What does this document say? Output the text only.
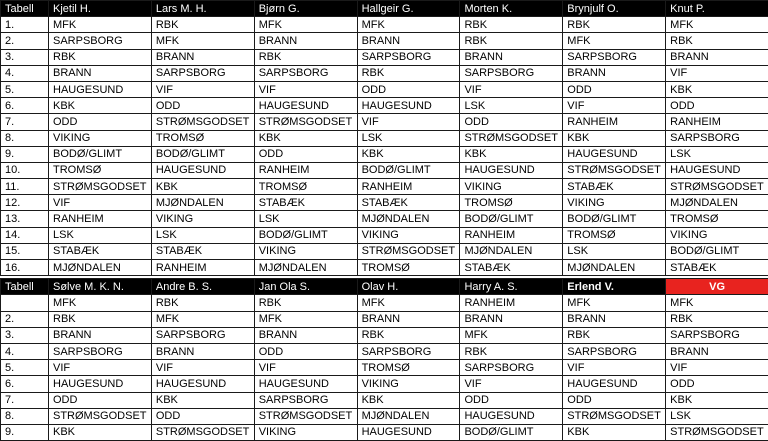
Tabell	Kjetil H.	Lars M. H.	Bjørn G.	Hallgeir G.	Morten K.	Brynjulf O.	Knut P.
1.	MFK	RBK	MFK	MFK	RBK	RBK	MFK
2.	SARPSBORG	MFK	BRANN	BRANN	RBK	MFK	RBK
3.	RBK	BRANN	RBK	SARPSBORG	BRANN	SARPSBORG	BRANN
4.	BRANN	SARPSBORG	SARPSBORG	RBK	SARPSBORG	BRANN	VIF
5.	HAUGESUND	VIF	VIF	ODD	VIF	ODD	KBK
6.	KBK	ODD	HAUGESUND	HAUGESUND	LSK	VIF	ODD
7.	ODD	STRØMSGODSET	STRØMSGODSET	VIF	ODD	RANHEIM	RANHEIM
8.	VIKING	TROMSØ	KBK	LSK	STRØMSGODSET	KBK	SARPSBORG
9.	BODØ/GLIMT	BODØ/GLIMT	ODD	KBK	KBK	HAUGESUND	LSK
10.	TROMSØ	HAUGESUND	RANHEIM	BODØ/GLIMT	HAUGESUND	STRØMSGODSET	HAUGESUND
11.	STRØMSGODSET	KBK	TROMSØ	RANHEIM	VIKING	STABÆK	STRØMSGODSET
12.	VIF	MJØNDALEN	STABÆK	STABÆK	TROMSØ	VIKING	MJØNDALEN
13.	RANHEIM	VIKING	LSK	MJØNDALEN	BODØ/GLIMT	BODØ/GLIMT	TROMSØ
14.	LSK	LSK	BODØ/GLIMT	VIKING	RANHEIM	TROMSØ	VIKING
15.	STABÆK	STABÆK	VIKING	STRØMSGODSET	MJØNDALEN	LSK	BODØ/GLIMT
16.	MJØNDALEN	RANHEIM	MJØNDALEN	TROMSØ	STABÆK	MJØNDALEN	STABÆK
Tabell	Sølve M. K. N.	Andre B. S.	Jan Ola S.	Olav H.	Harry A. S.	Erlend V.	VG
	MFK	RBK	RBK	MFK	RANHEIM	MFK	MFK
2.	RBK	MFK	MFK	BRANN	BRANN	BRANN	RBK
3.	BRANN	SARPSBORG	BRANN	RBK	MFK	RBK	SARPSBORG
4.	SARPSBORG	BRANN	ODD	SARPSBORG	RBK	SARPSBORG	BRANN
5.	VIF	VIF	VIF	TROMSØ	SARPSBORG	VIF	VIF
6.	HAUGESUND	HAUGESUND	HAUGESUND	VIKING	VIF	HAUGESUND	ODD
7.	ODD	KBK	SARPSBORG	KBK	ODD	ODD	KBK
8.	STRØMSGODSET	ODD	STRØMSGODSET	MJØNDALEN	HAUGESUND	STRØMSGODSET	LSK
9.	KBK	STRØMSGODSET	VIKING	HAUGESUND	BODØ/GLIMT	KBK	STRØMSGODSET
